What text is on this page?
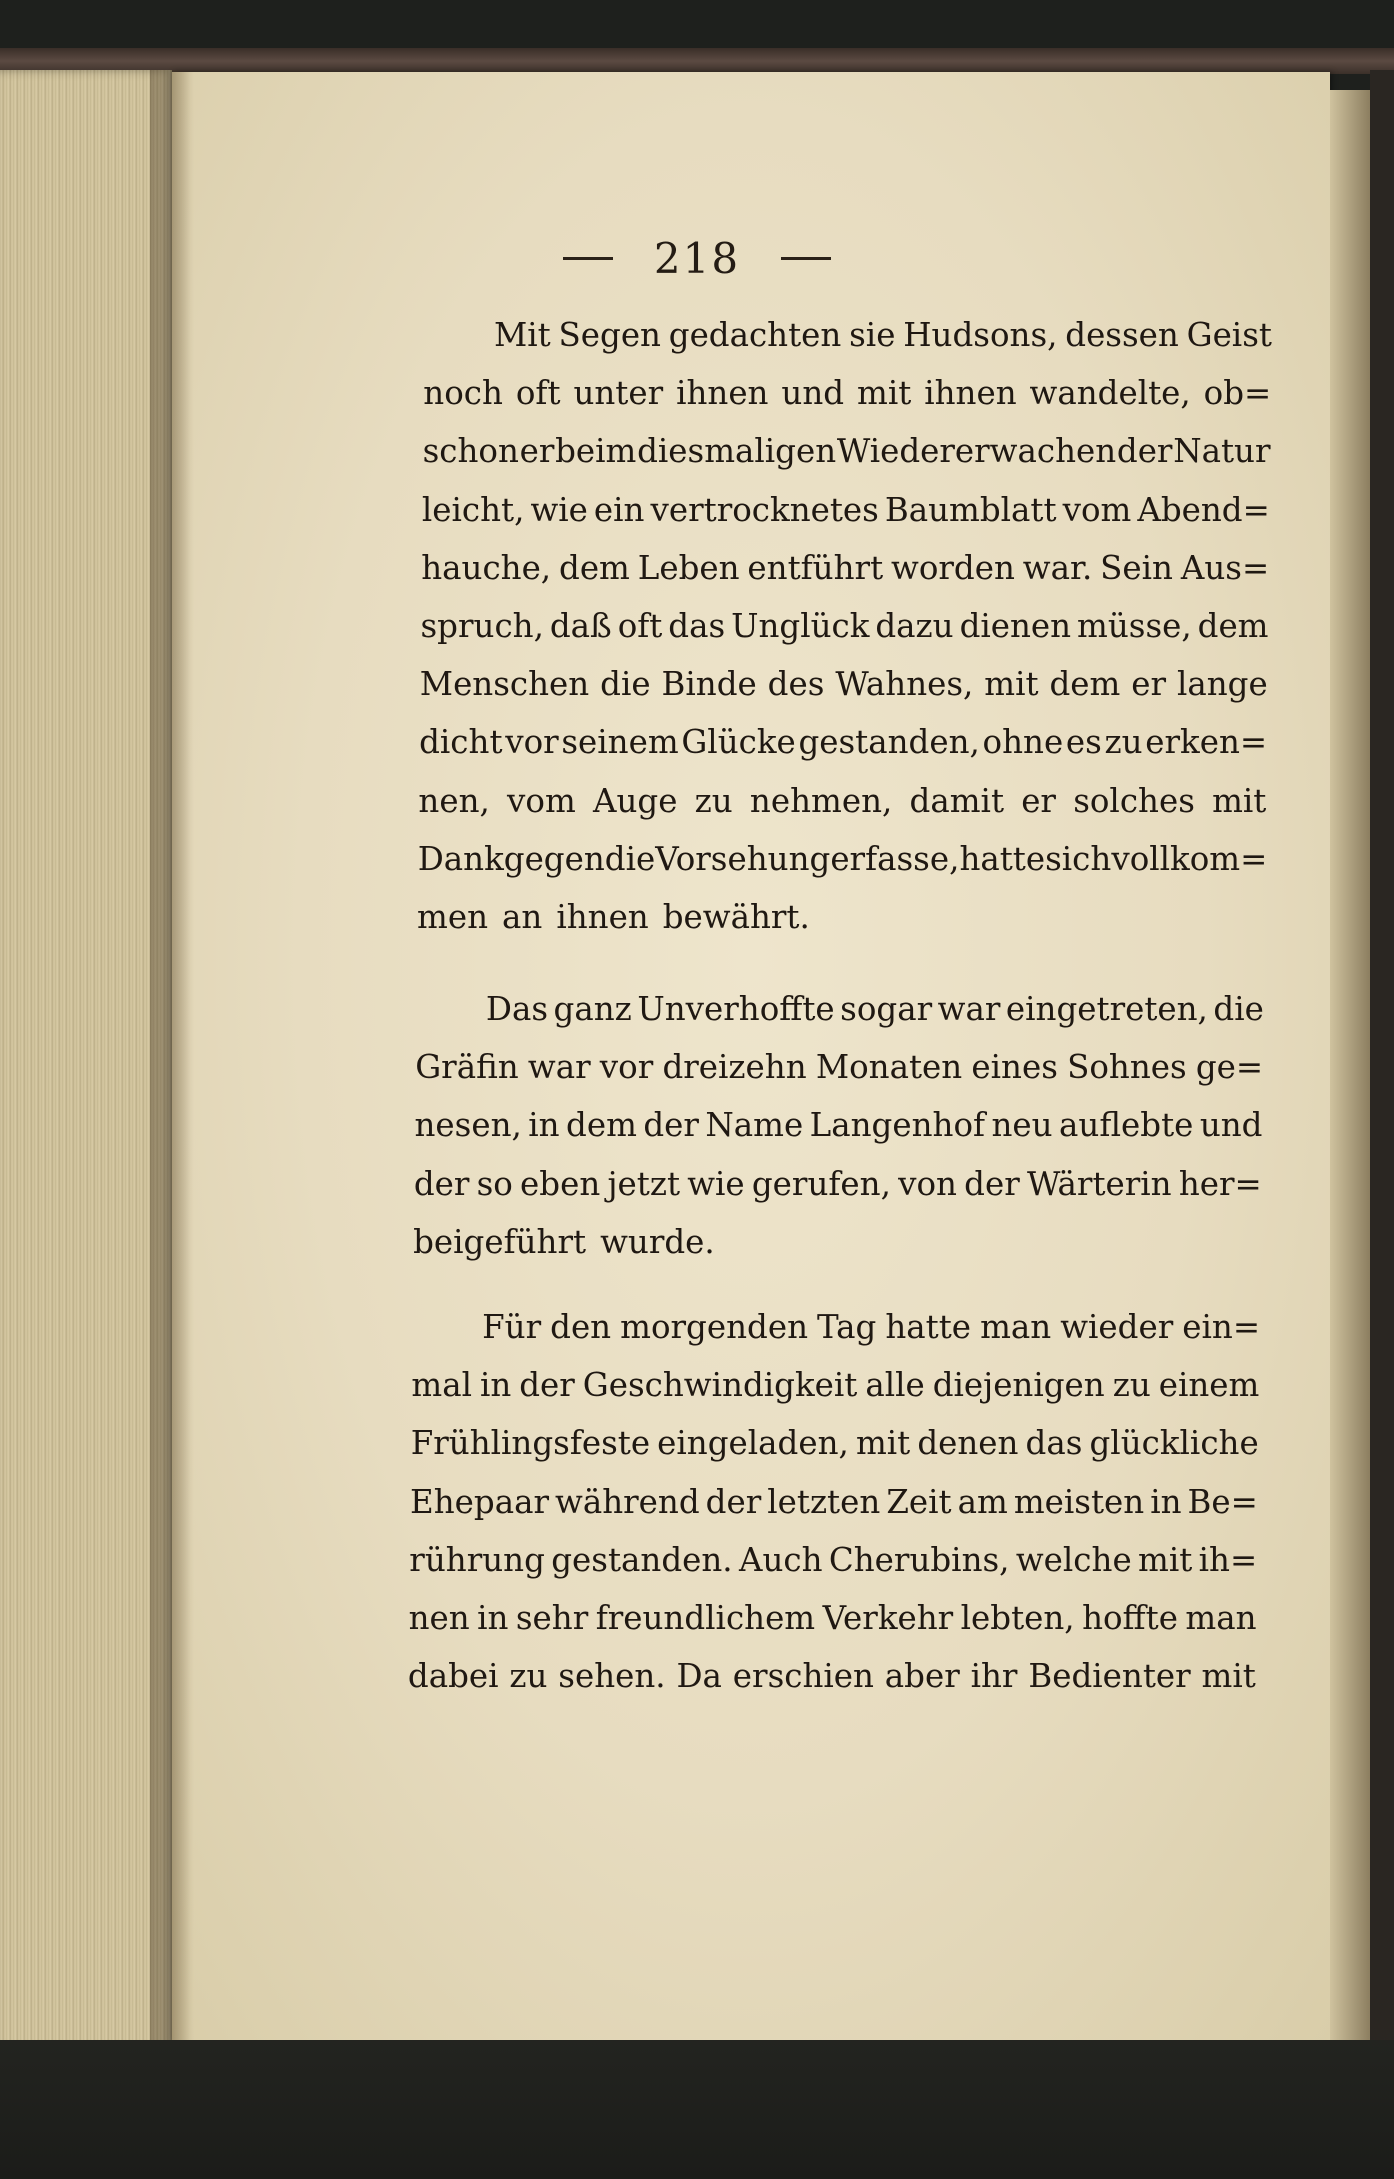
218
Mit Segen gedachten sie Hudsons, dessen Geist
noch oft unter ihnen und mit ihnen wandelte, ob=
schon er beim diesmaligen Wiedererwachen der Natur
leicht, wie ein vertrocknetes Baumblatt vom Abend=
hauche, dem Leben entführt worden war. Sein Aus=
spruch, daß oft das Unglück dazu dienen müsse, dem
Menschen die Binde des Wahnes, mit dem er lange
dicht vor seinem Glücke gestanden, ohne es zu erken=
nen, vom Auge zu nehmen, damit er solches mit
Dank gegen die Vorsehung erfasse, hatte sich vollkom=
men an ihnen bewährt.
Das ganz Unverhoffte sogar war eingetreten, die
Gräfin war vor dreizehn Monaten eines Sohnes ge=
nesen, in dem der Name Langenhof neu auflebte und
der so eben jetzt wie gerufen, von der Wärterin her=
beigeführt wurde.
Für den morgenden Tag hatte man wieder ein=
mal in der Geschwindigkeit alle diejenigen zu einem
Frühlingsfeste eingeladen, mit denen das glückliche
Ehepaar während der letzten Zeit am meisten in Be=
rührung gestanden. Auch Cherubins, welche mit ih=
nen in sehr freundlichem Verkehr lebten, hoffte man
dabei zu sehen. Da erschien aber ihr Bedienter mit
